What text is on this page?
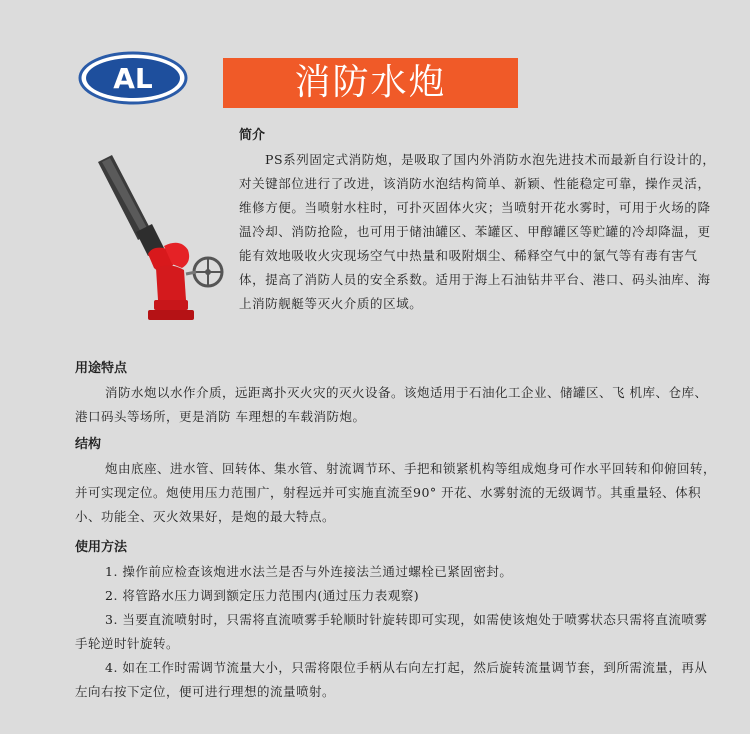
AL	消防水炮
简介
PS系列固定式消防炮，是吸取了国内外消防水泡先进技术而最新自行设计的，对关键部位进行了改进，该消防水泡结构简单、新颖、性能稳定可靠，操作灵活，维修方便。当喷射水柱时，可扑灭固体火灾；当喷射开花水雾时，可用于火场的降温冷却、消防抢险，也可用于储油罐区、苯罐区、甲醇罐区等贮罐的冷却降温，更能有效地吸收火灾现场空气中热量和吸附烟尘、稀释空气中的氯气等有毒有害气体，提高了消防人员的安全系数。适用于海上石油钻井平台、港口、码头油库、海上消防舰艇等灭火介质的区域。
用途特点
消防水炮以水作介质，远距离扑灭火灾的灭火设备。该炮适用于石油化工企业、储罐区、飞 机库、仓库、港口码头等场所，更是消防 车理想的车载消防炮。
结构
炮由底座、进水管、回转体、集水管、射流调节环、手把和锁紧机构等组成炮身可作水平回转和仰俯回转，并可实现定位。炮使用压力范围广，射程远并可实施直流至90° 开花、水雾射流的无级调节。其重量轻、体积小、功能全、灭火效果好，是炮的最大特点。
使用方法
1. 操作前应检查该炮进水法兰是否与外连接法兰通过螺栓已紧固密封。
2. 将管路水压力调到额定压力范围内(通过压力表观察)
3. 当要直流喷射时，只需将直流喷雾手轮顺时针旋转即可实现，如需使该炮处于喷雾状态只需将直流喷雾手轮逆时针旋转。
4. 如在工作时需调节流量大小，只需将限位手柄从右向左打起，然后旋转流量调节套，到所需流量，再从左向右按下定位，便可进行理想的流量喷射。
